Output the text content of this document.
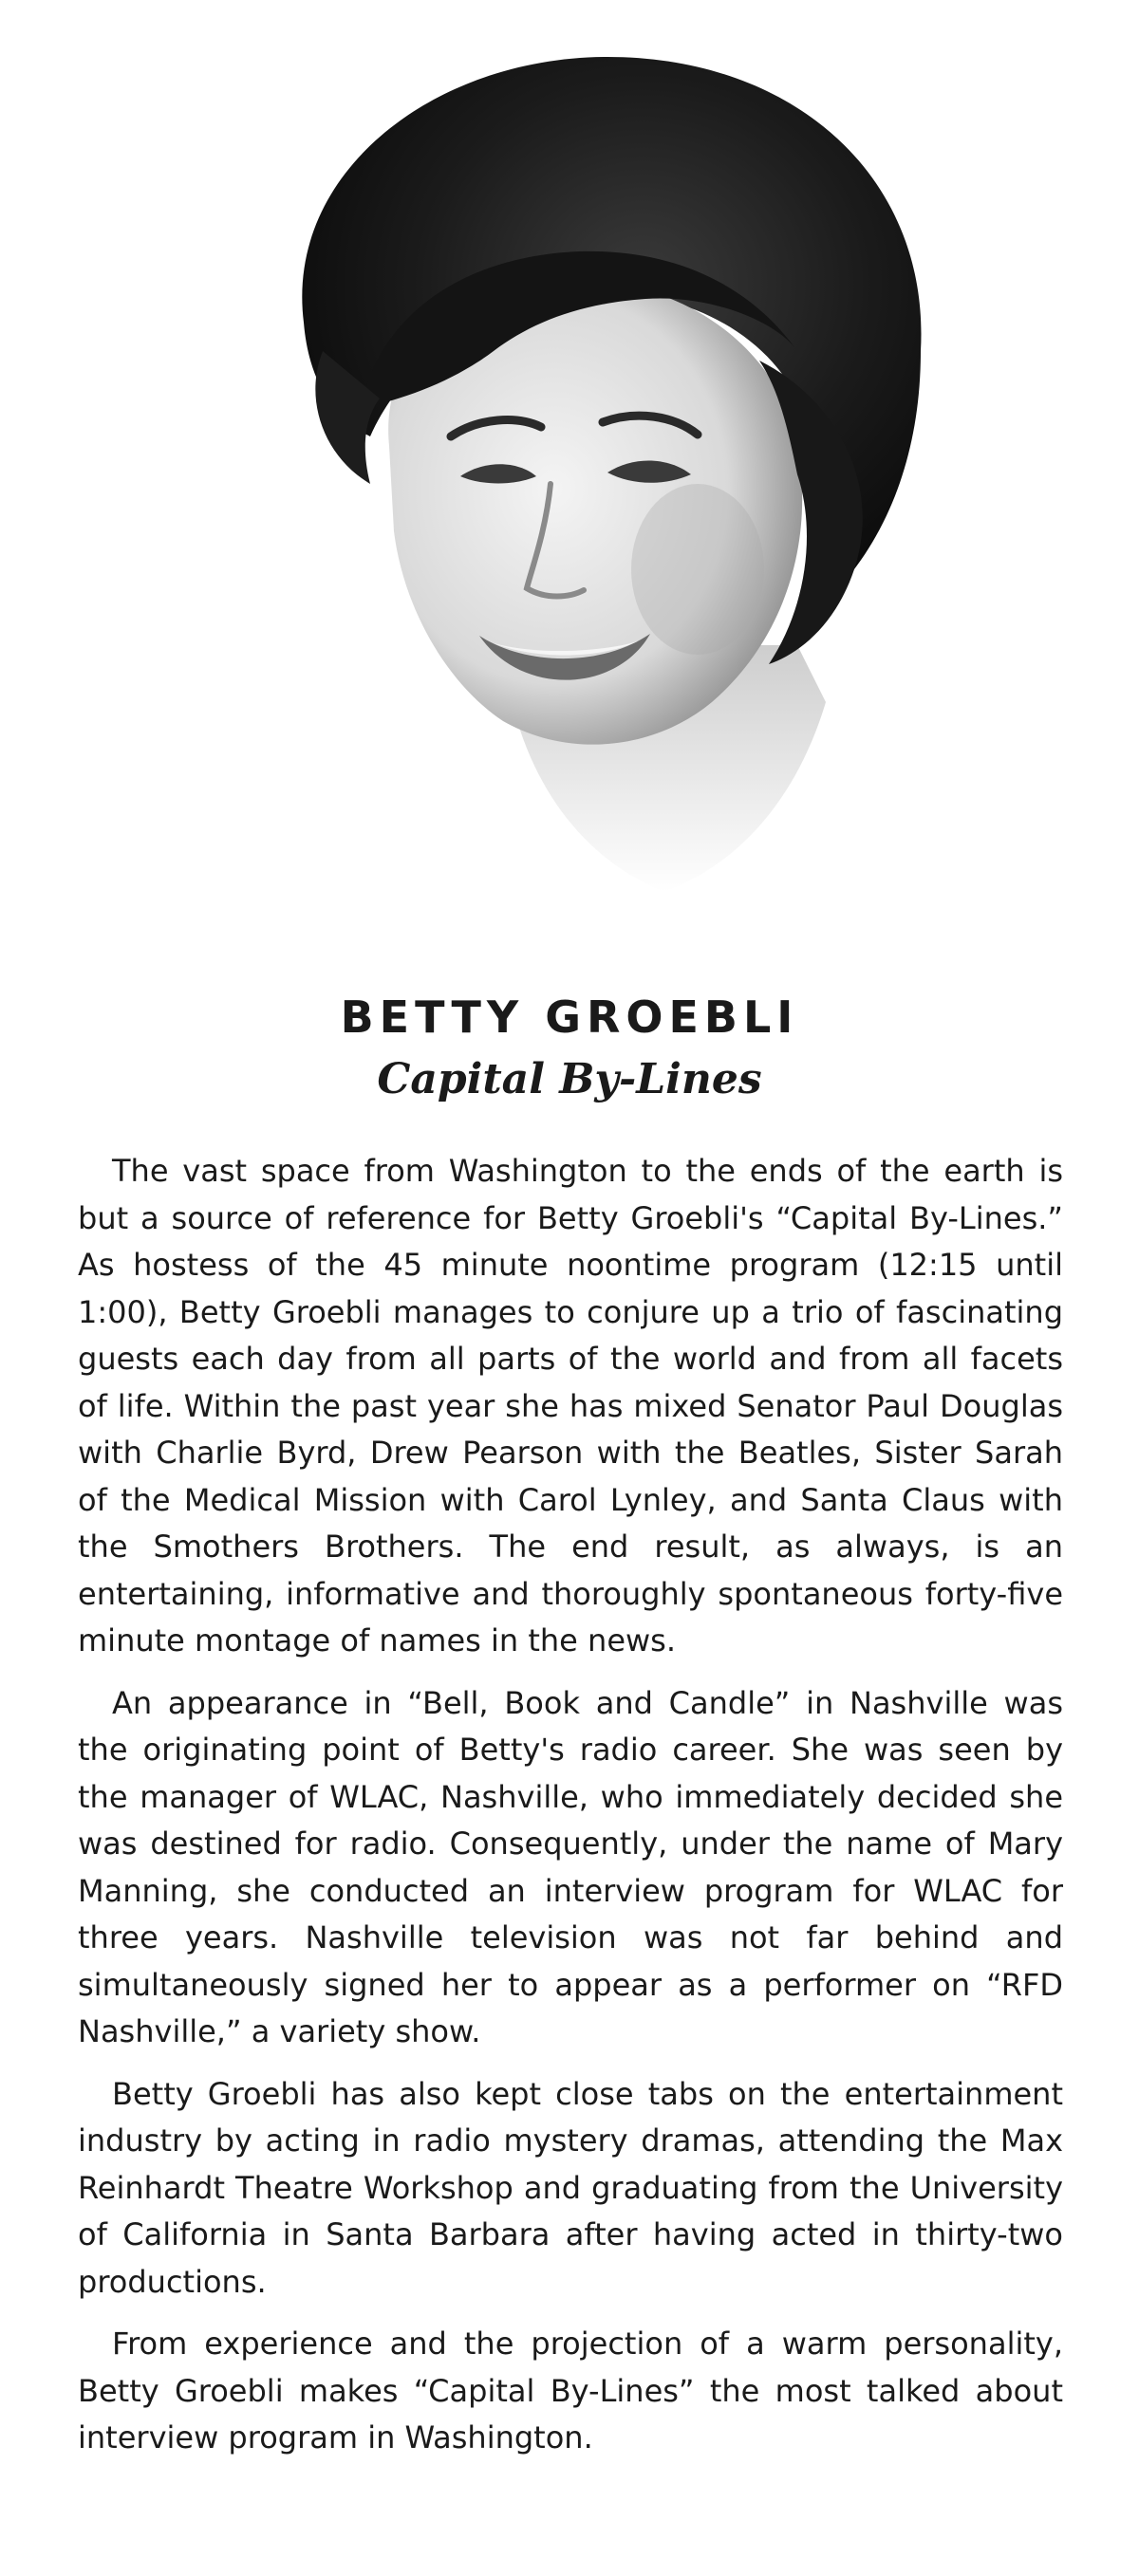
BETTY GROEBLI
Capital By-Lines

The vast space from Washington to the ends of the earth is but a source of reference for Betty Groebli's “Capital By-Lines.” As hostess of the 45 minute noontime program (12:15 until 1:00), Betty Groebli manages to conjure up a trio of fascinating guests each day from all parts of the world and from all facets of life. Within the past year she has mixed Senator Paul Douglas with Charlie Byrd, Drew Pearson with the Beatles, Sister Sarah of the Medical Mission with Carol Lynley, and Santa Claus with the Smothers Brothers. The end result, as always, is an entertaining, informative and thoroughly spontaneous forty-five minute montage of names in the news.

An appearance in “Bell, Book and Candle” in Nashville was the originating point of Betty's radio career. She was seen by the manager of WLAC, Nashville, who immediately decided she was destined for radio. Consequently, under the name of Mary Manning, she conducted an interview program for WLAC for three years. Nashville television was not far behind and simultaneously signed her to appear as a performer on “RFD Nashville,” a variety show.

Betty Groebli has also kept close tabs on the entertainment industry by acting in radio mystery dramas, attending the Max Reinhardt Theatre Workshop and graduating from the University of California in Santa Barbara after having acted in thirty-two productions.

From experience and the projection of a warm personality, Betty Groebli makes “Capital By-Lines” the most talked about interview program in Washington.
